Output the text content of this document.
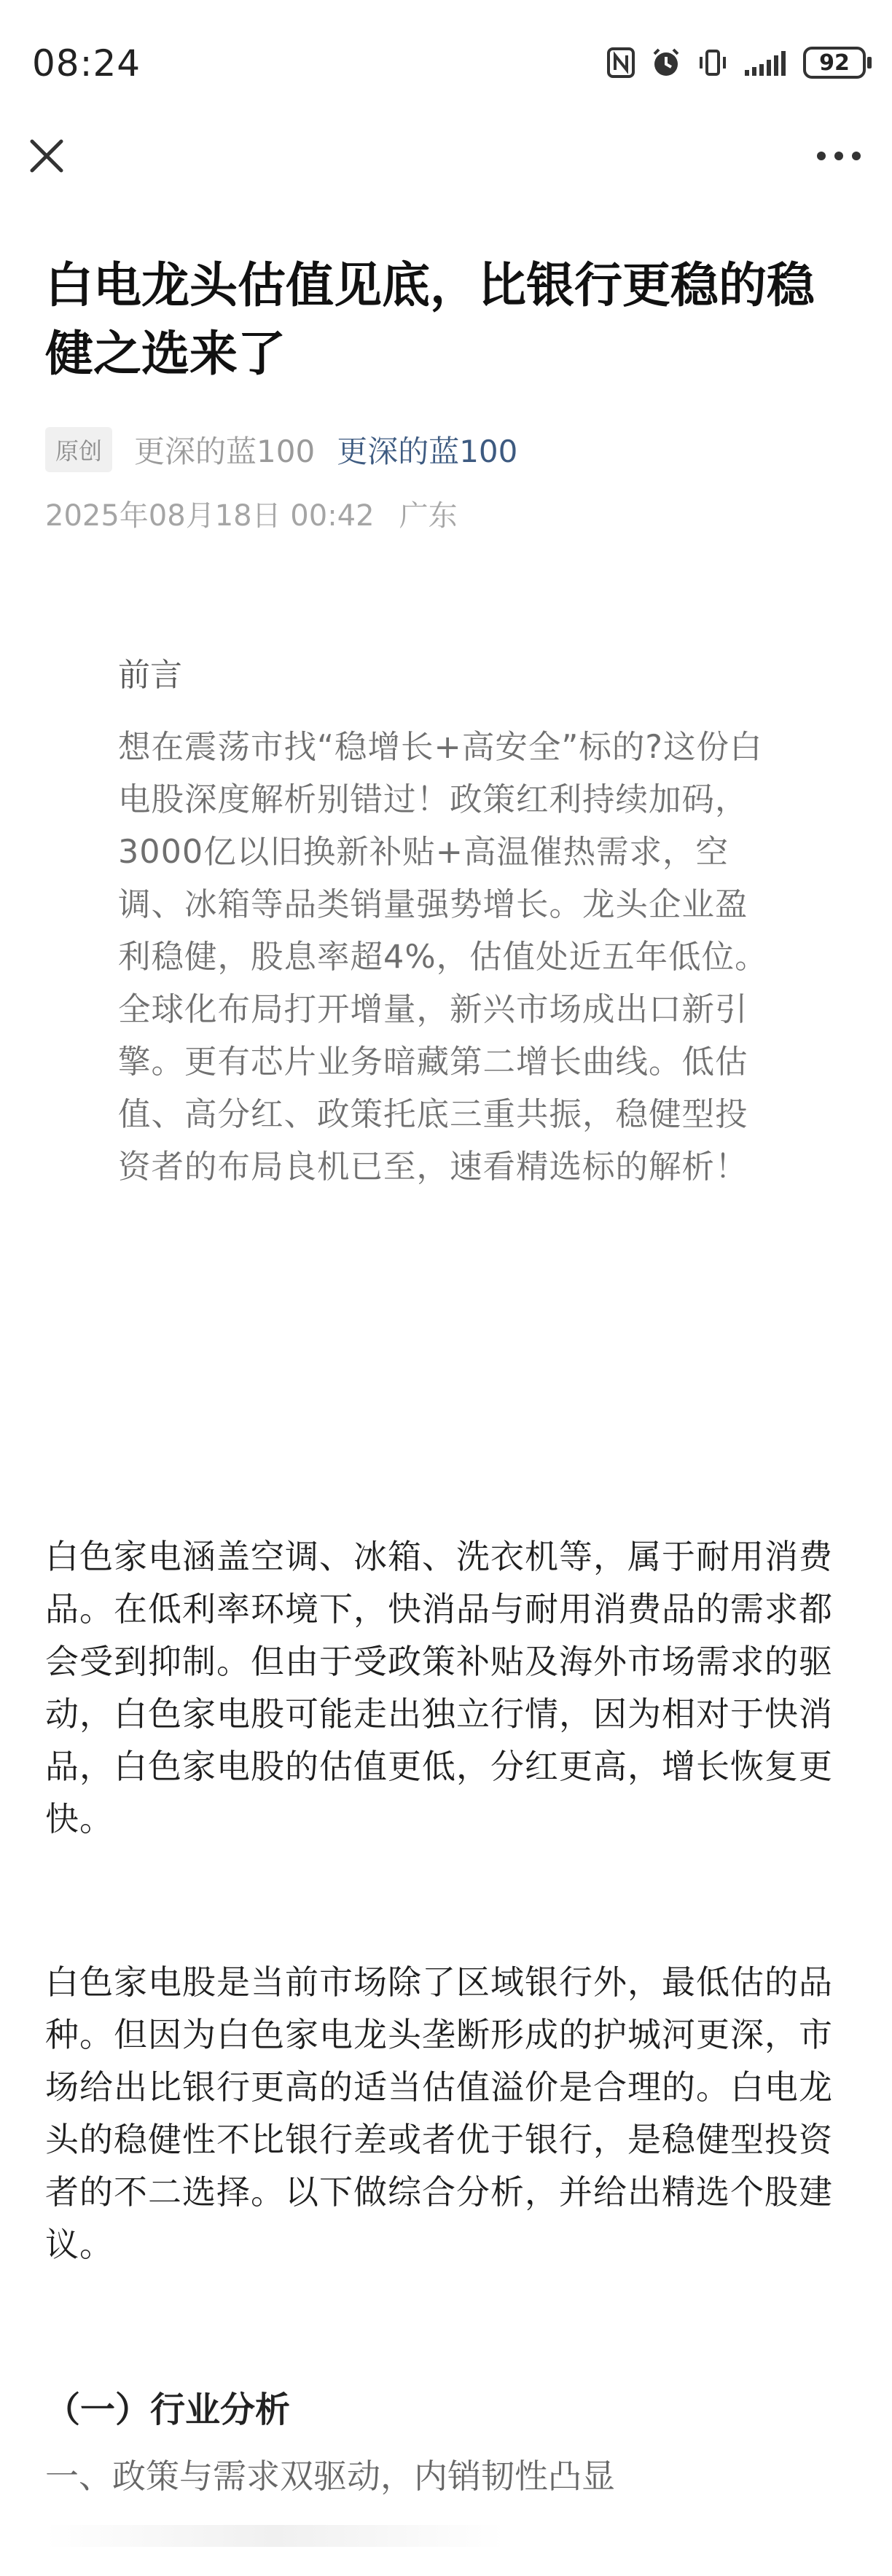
08:24	92
白电龙头估值见底，比银行更稳的稳健之选来了
原创	更深的蓝100 更深的蓝100
2025年08月18日 00:42 广东
前言
想在震荡市找“稳增长+高安全”标的?这份白电股深度解析别错过！政策红利持续加码，3000亿以旧换新补贴+高温催热需求，空调、冰箱等品类销量强势增长。龙头企业盈利稳健，股息率超4%，估值处近五年低位。全球化布局打开增量，新兴市场成出口新引擎。更有芯片业务暗藏第二增长曲线。低估值、高分红、政策托底三重共振，稳健型投资者的布局良机已至，速看精选标的解析！
白色家电涵盖空调、冰箱、洗衣机等，属于耐用消费品。在低利率环境下，快消品与耐用消费品的需求都会受到抑制。但由于受政策补贴及海外市场需求的驱动，白色家电股可能走出独立行情，因为相对于快消品，白色家电股的估值更低，分红更高，增长恢复更快。
白色家电股是当前市场除了区域银行外，最低估的品种。但因为白色家电龙头垄断形成的护城河更深，市场给出比银行更高的适当估值溢价是合理的。白电龙头的稳健性不比银行差或者优于银行，是稳健型投资者的不二选择。以下做综合分析，并给出精选个股建议。
（一）行业分析
一、政策与需求双驱动，内销韧性凸显
